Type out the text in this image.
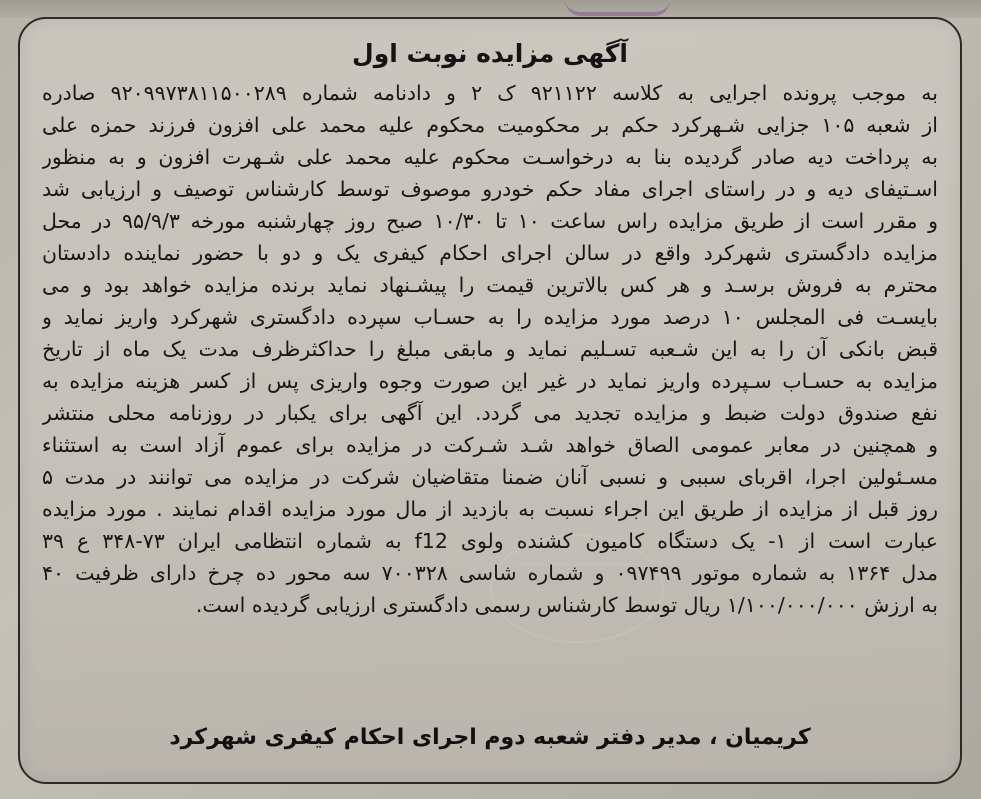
آگهی مزایده نوبت اول
به موجب پرونده اجرایی به کلاسه ۹۲۱۱۲۲ ک ۲ و دادنامه شماره ۹۲۰۹۹۷۳۸۱۱۵۰۰۲۸۹ صادره
از شعبه ۱۰۵ جزایی شـهرکرد حکم بر محکومیت محکوم علیه محمد علی افزون فرزند حمزه علی
به پرداخت دیه صادر گردیده بنا به درخواسـت محکوم علیه محمد علی شـهرت افزون و به منظور
اسـتیفای دیه و در راستای اجرای مفاد حکم خودرو موصوف توسط کارشناس توصیف و ارزیابی شد
و مقرر است از طریق مزایده راس ساعت ۱۰ تا ۱۰/۳۰ صبح روز چهارشنبه مورخه ۹۵/۹/۳ در محل
مزایده دادگستری شهرکرد واقع در سالن اجرای احکام کیفری یک و دو با حضور نماینده دادستان
محترم به فروش برسـد و هر کس بالاترین قیمت را پیشـنهاد نماید برنده مزایده خواهد بود و می
بایسـت فی المجلس ۱۰ درصد مورد مزایده را به حسـاب سپرده دادگستری شهرکرد واریز نماید و
قبض بانکی آن را به این شـعبه تسـلیم نماید و مابقی مبلغ را حداکثرظرف مدت یک ماه از تاریخ
مزایده به حسـاب سـپرده واریز نماید در غیر این صورت وجوه واریزی پس از کسر هزینه مزایده به
نفع صندوق دولت ضبط و مزایده تجدید می گردد. این آگهی برای یکبار در روزنامه محلی منتشر
و همچنین در معابر عمومی الصاق خواهد شـد شـرکت در مزایده برای عموم آزاد است به استثناء
مسـئولین اجرا، اقربای سببی و نسبی آنان ضمنا متقاضیان شرکت در مزایده می توانند در مدت ۵
روز قبل از مزایده از طریق این اجراء نسبت به بازدید از مال مورد مزایده اقدام نمایند . مورد مزایده
عبارت است از ۱- یک دستگاه کامیون کشنده ولوی f12 به شماره انتظامی ایران ۷۳-۳۴۸ ع ۳۹
مدل ۱۳۶۴ به شماره موتور ۰۹۷۴۹۹ و شماره شاسی ۷۰۰۳۲۸ سه محور ده چرخ دارای ظرفیت ۴۰
به ارزش ۱/۱۰۰/۰۰۰/۰۰۰ ریال توسط کارشناس رسمی دادگستری ارزیابی گردیده است.

کریمیان ، مدیر دفتر شعبه دوم اجرای احکام کیفری شهرکرد
